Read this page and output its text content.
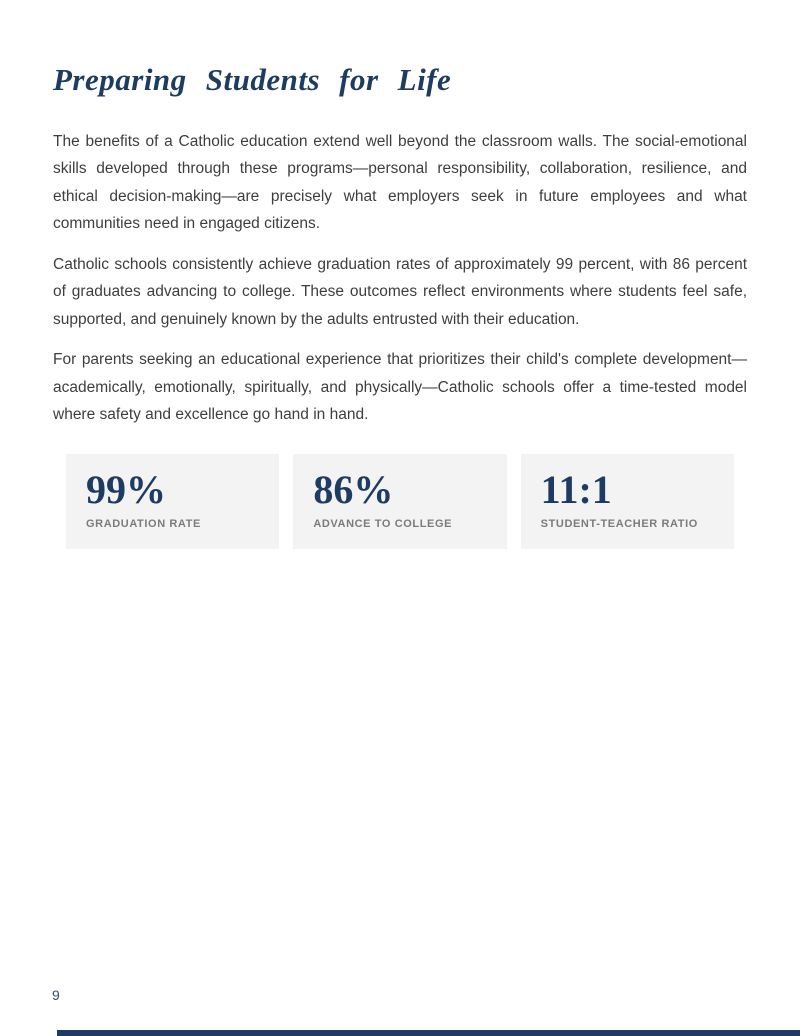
Preparing Students for Life

The benefits of a Catholic education extend well beyond the classroom walls. The social-emotional skills developed through these programs—personal responsibility, collaboration, resilience, and ethical decision-making—are precisely what employers seek in future employees and what communities need in engaged citizens.

Catholic schools consistently achieve graduation rates of approximately 99 percent, with 86 percent of graduates advancing to college. These outcomes reflect environments where students feel safe, supported, and genuinely known by the adults entrusted with their education.

For parents seeking an educational experience that prioritizes their child's complete development—academically, emotionally, spiritually, and physically—Catholic schools offer a time-tested model where safety and excellence go hand in hand.

99%
GRADUATION RATE
86%
ADVANCE TO COLLEGE
11:1
STUDENT-TEACHER RATIO
9
